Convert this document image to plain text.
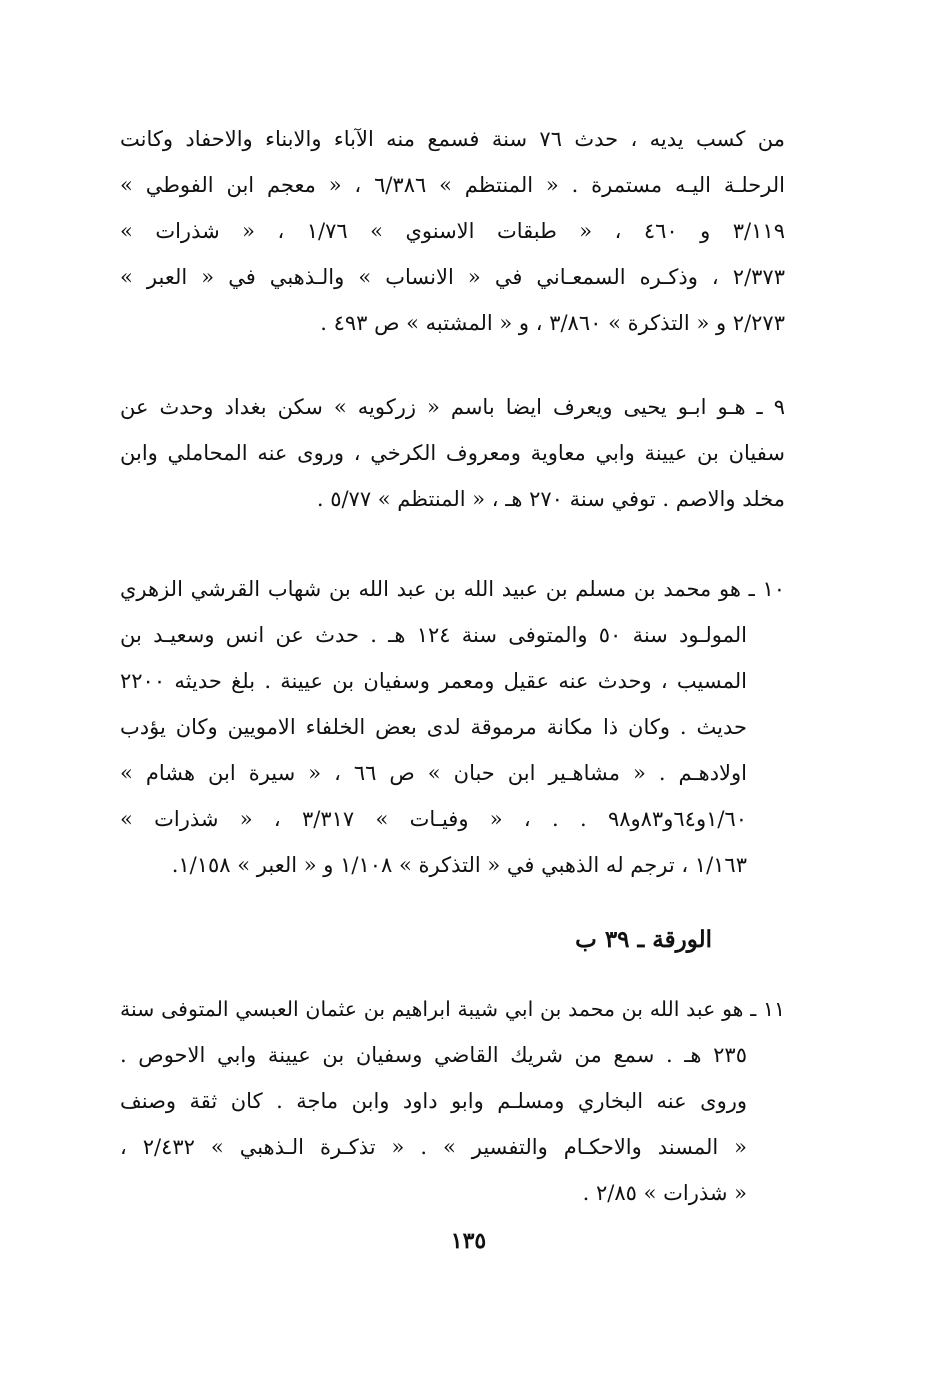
من كسب يديه ، حدث ٧٦ سنة فسمع منه الآباء والابناء والاحفاد وكانت
الرحلـة اليـه مستمرة . « المنتظم » ٦/٣٨٦ ، « معجم ابن الفوطي »
٣/١١٩ و ٤٦٠ ، « طبقات الاسنوي » ١/٧٦ ، « شذرات »
٢/٣٧٣ ، وذكـره السمعـاني في « الانساب » والـذهبي في « العبر »
٢/٢٧٣ و « التذكرة » ٣/٨٦٠ ، و « المشتبه » ص ٤٩٣ .
٩ ـ هـو ابـو يحيى ويعرف ايضا باسم « زركويه » سكن بغداد وحدث عن
سفيان بن عيينة وابي معاوية ومعروف الكرخي ، وروى عنه المحاملي وابن
مخلد والاصم . توفي سنة ٢٧٠ هـ ، « المنتظم » ٥/٧٧ .
١٠ ـ هو محمد بن مسلم بن عبيد الله بن عبد الله بن شهاب القرشي الزهري
المولـود سنة ٥٠ والمتوفى سنة ١٢٤ هـ . حدث عن انس وسعيـد بن
المسيب ، وحدث عنه عقيل ومعمر وسفيان بن عيينة . بلغ حديثه ٢٢٠٠
حديث . وكان ذا مكانة مرموقة لدى بعض الخلفاء الامويين وكان يؤدب
اولادهـم . « مشاهـير ابن حبان » ص ٦٦ ، « سيرة ابن هشام »
١/٦٠و٦٤و٨٣و٩٨ . . ، « وفيـات » ٣/٣١٧ ، « شذرات »
١/١٦٣ ، ترجم له الذهبي في « التذكرة » ١/١٠٨ و « العبر » ١/١٥٨.
الورقة ـ ٣٩ ب
١١ ـ هو عبد الله بن محمد بن ابي شيبة ابراهيم بن عثمان العبسي المتوفى سنة
٢٣٥ هـ . سمع من شريك القاضي وسفيان بن عيينة وابي الاحوص .
وروى عنه البخاري ومسلـم وابو داود وابن ماجة . كان ثقة وصنف
« المسند والاحكـام والتفسير » . « تذكـرة الـذهبي » ٢/٤٣٢ ،
« شذرات » ٢/٨٥ .
١٣٥
